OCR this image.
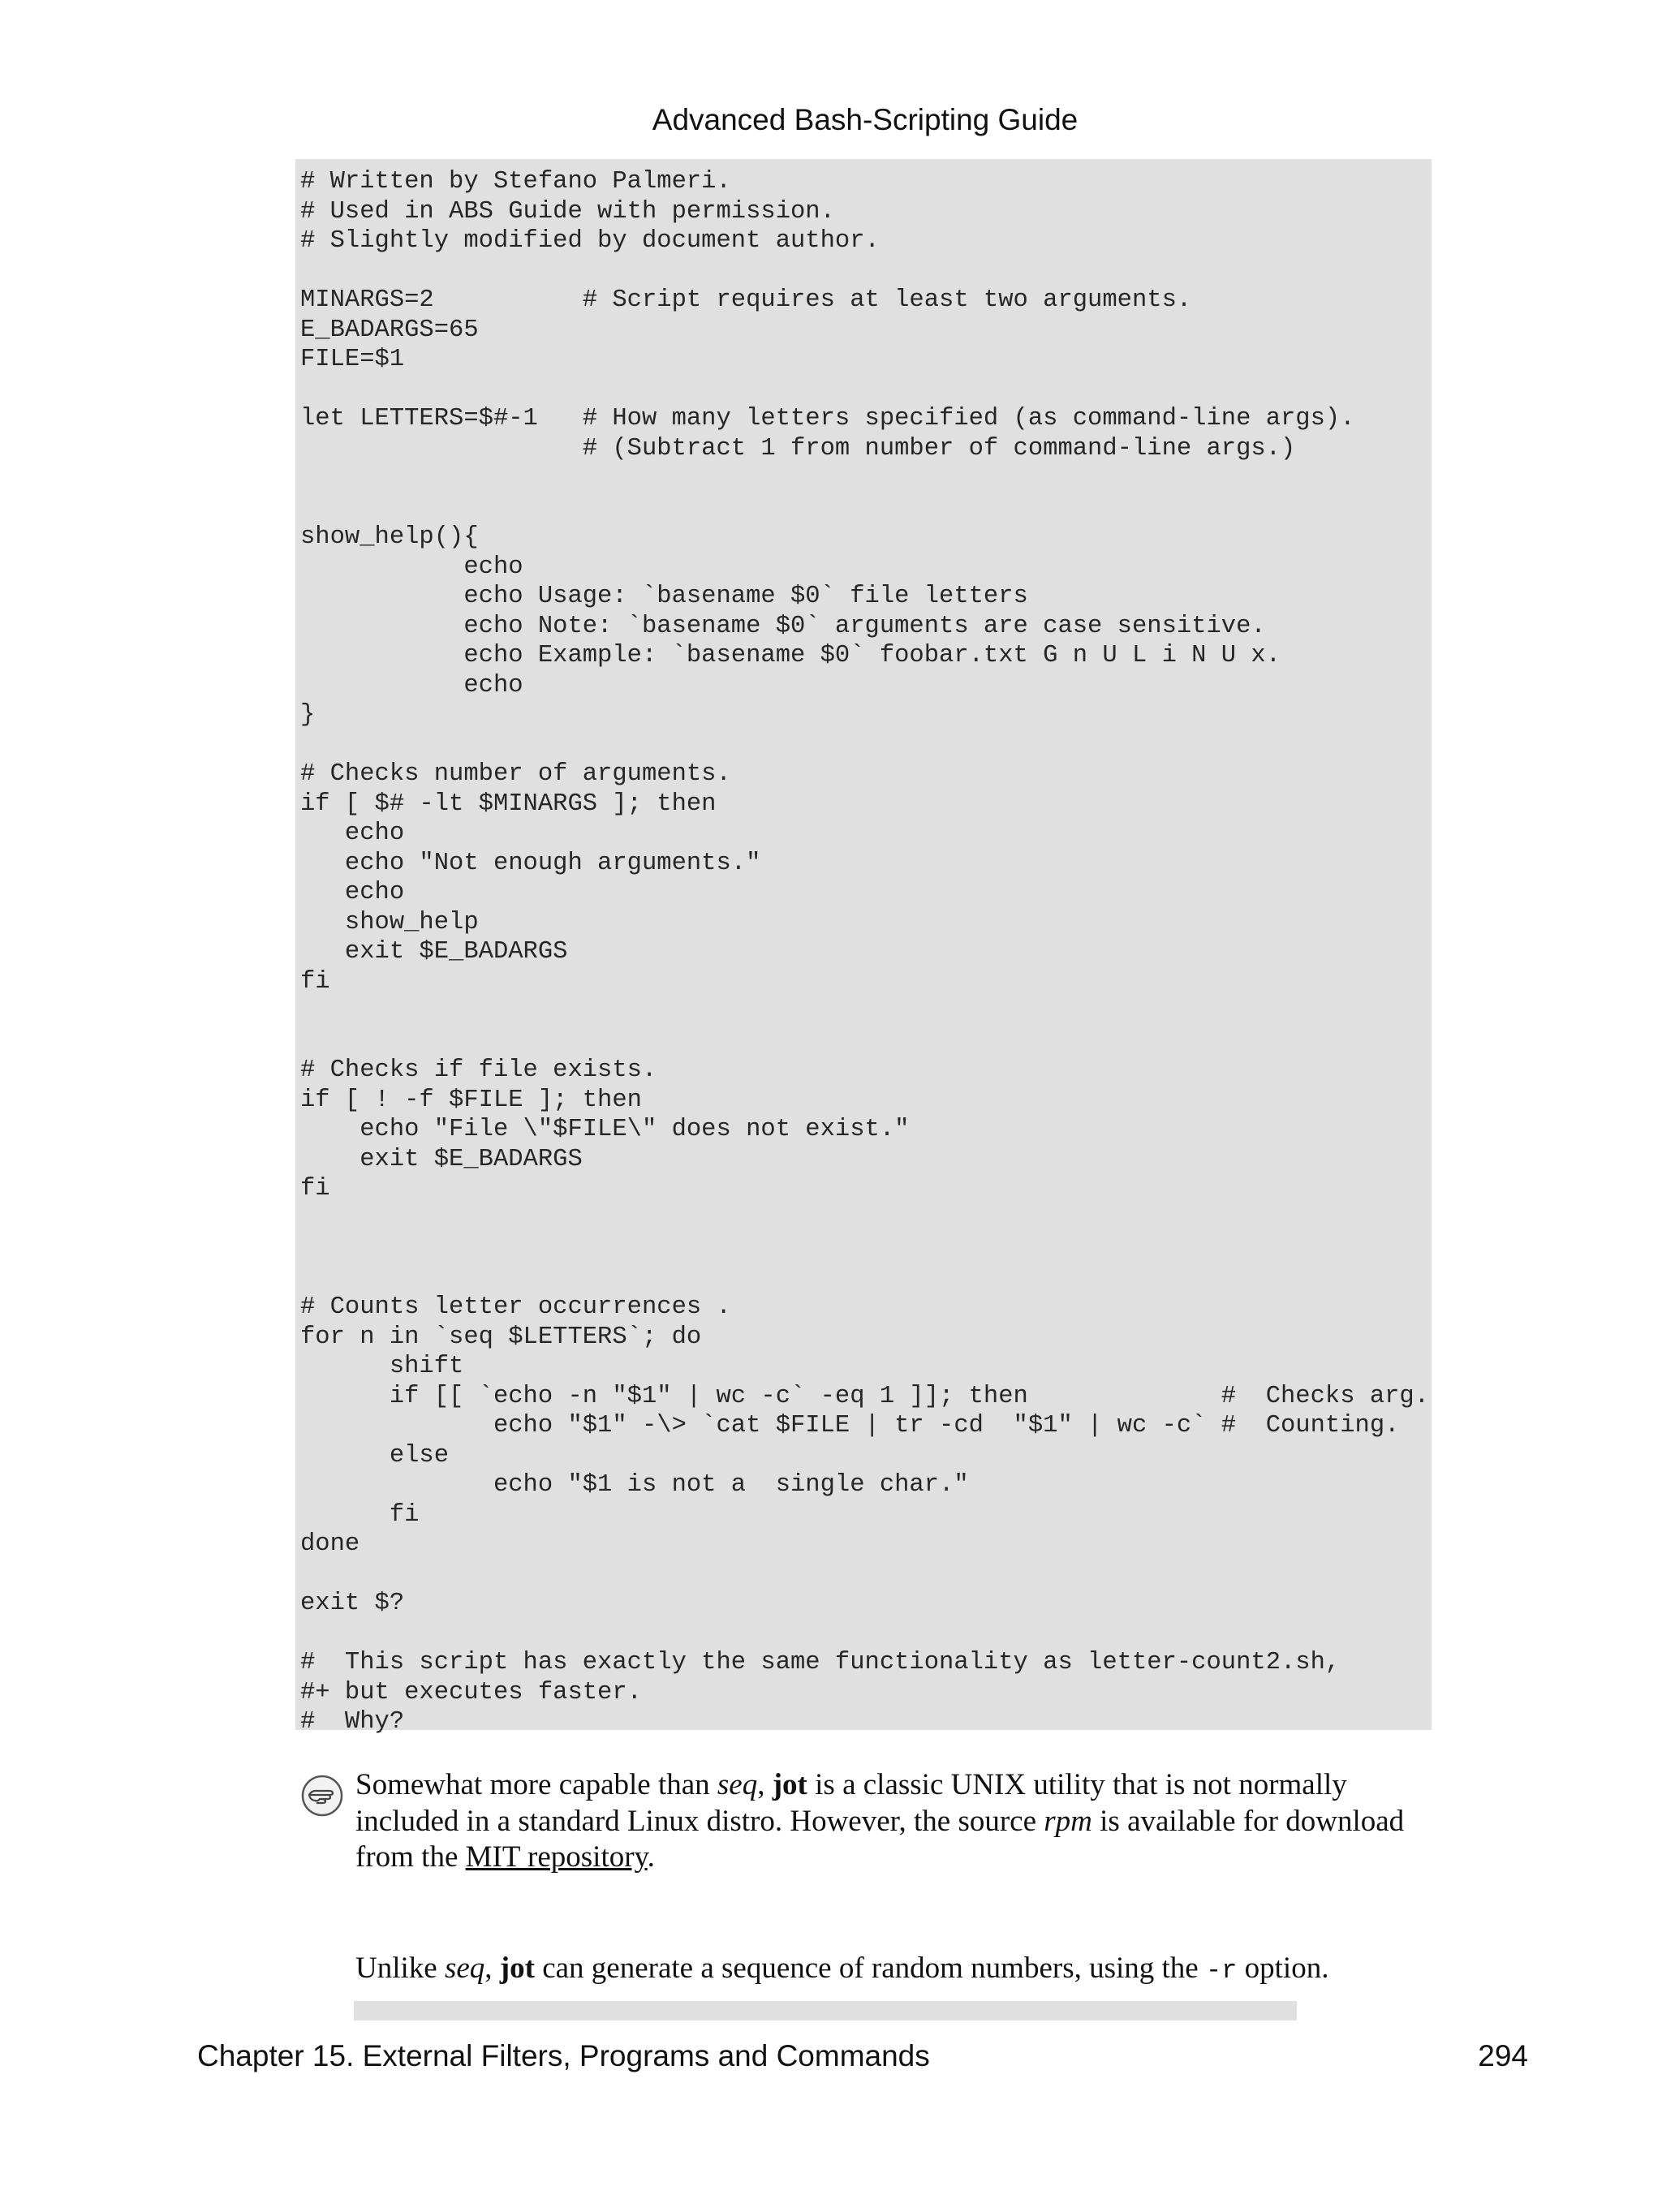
Advanced Bash-Scripting Guide
# Written by Stefano Palmeri.
# Used in ABS Guide with permission.
# Slightly modified by document author.

MINARGS=2          # Script requires at least two arguments.
E_BADARGS=65
FILE=$1

let LETTERS=$#-1   # How many letters specified (as command-line args).
# (Subtract 1 from number of command-line args.)

show_help(){
echo
echo Usage: `basename $0` file letters
echo Note: `basename $0` arguments are case sensitive.
echo Example: `basename $0` foobar.txt G n U L i N U x.
echo
}

# Checks number of arguments.
if [ $# -lt $MINARGS ]; then
echo
echo "Not enough arguments."
echo
show_help
exit $E_BADARGS
fi

# Checks if file exists.
if [ ! -f $FILE ]; then
echo "File \"$FILE\" does not exist."
exit $E_BADARGS
fi

# Counts letter occurrences .
for n in `seq $LETTERS`; do
shift
if [[ `echo -n "$1" | wc -c` -eq 1 ]]; then             #  Checks arg.
echo "$1" -\> `cat $FILE | tr -cd  "$1" | wc -c` #  Counting.
else
echo "$1 is not a  single char."
fi
done

exit $?

#  This script has exactly the same functionality as letter-count2.sh,
#+ but executes faster.
#  Why?

Somewhat more capable than seq, jot is a classic UNIX utility that is not normally included in a standard Linux distro. However, the source rpm is available for download from the MIT repository.

Unlike seq, jot can generate a sequence of random numbers, using the -r option.

Chapter 15. External Filters, Programs and Commands	294
